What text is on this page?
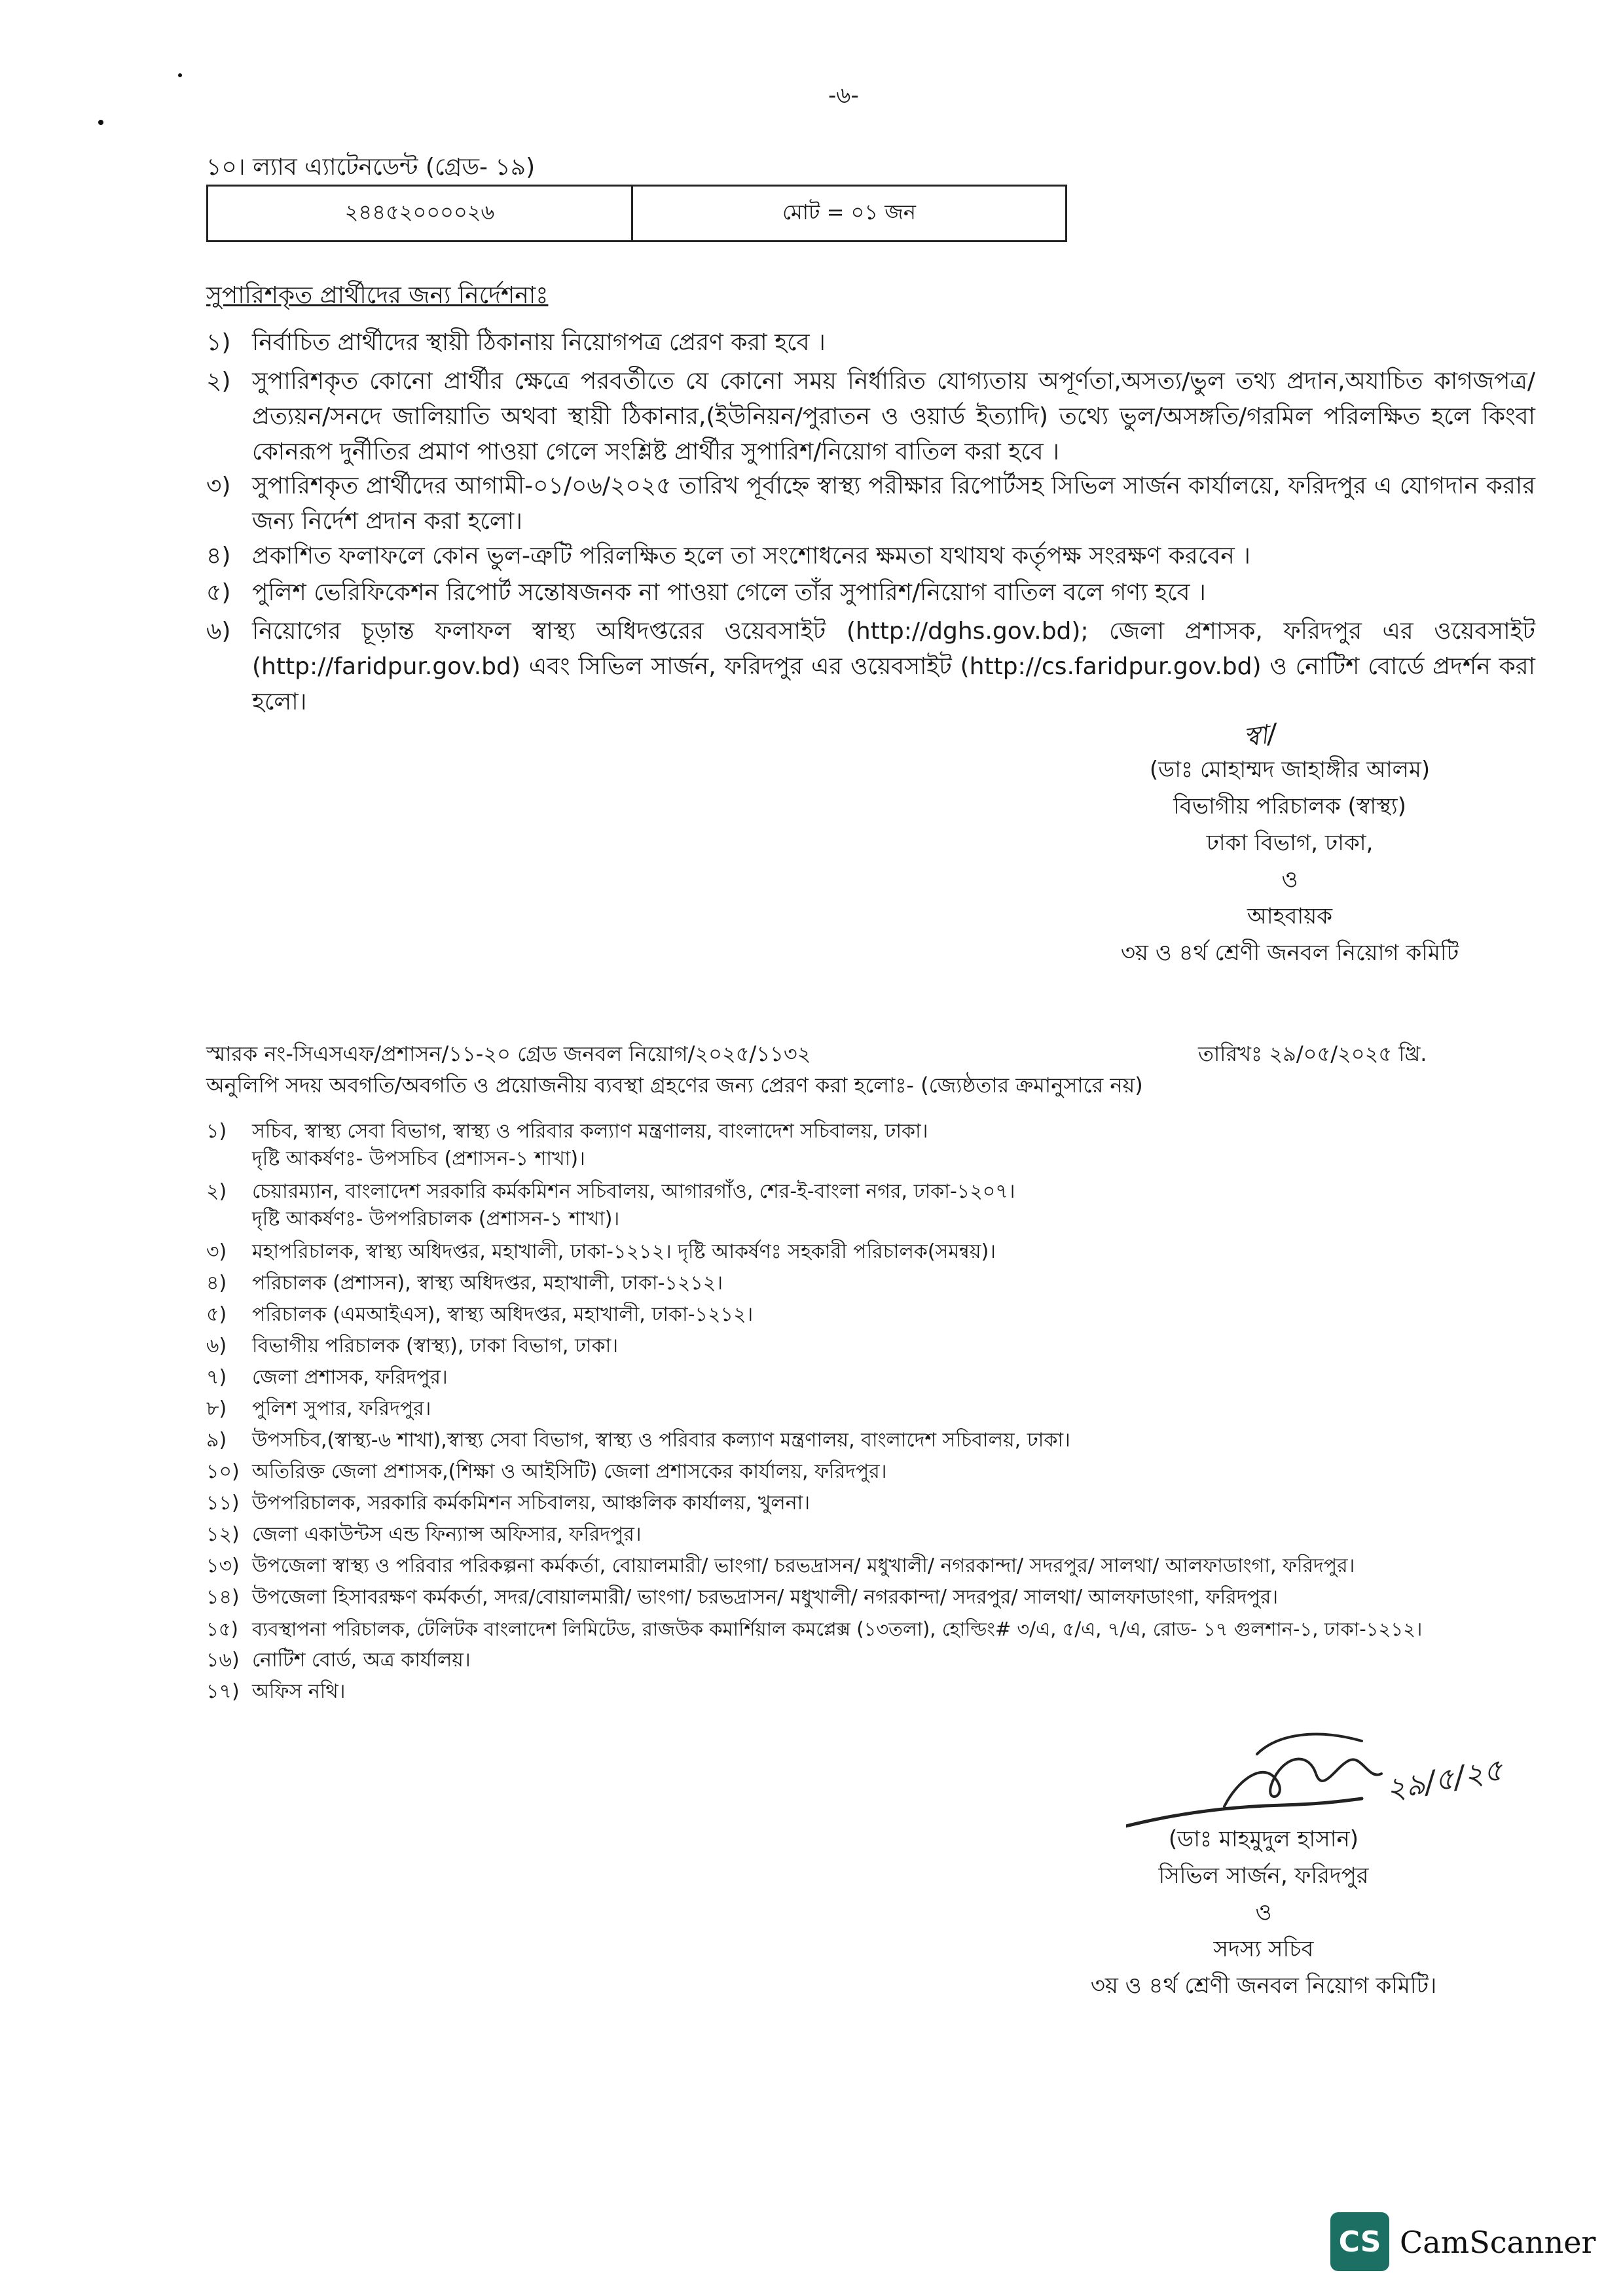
-৬-
১০। ল্যাব এ্যাটেনডেন্ট (গ্রেড- ১৯)
২৪৪৫২০০০০২৬	মোট = ০১ জন
সুপারিশকৃত প্রার্থীদের জন্য নির্দেশনাঃ
১) নির্বাচিত প্রার্থীদের স্থায়ী ঠিকানায় নিয়োগপত্র প্রেরণ করা হবে ।
২) সুপারিশকৃত কোনো প্রার্থীর ক্ষেত্রে পরবর্তীতে যে কোনো সময় নির্ধারিত যোগ্যতায় অপূর্ণতা,অসত্য/ভুল তথ্য প্রদান,অযাচিত কাগজপত্র/প্রত্যয়ন/সনদে জালিয়াতি অথবা স্থায়ী ঠিকানার,(ইউনিয়ন/পুরাতন ও ওয়ার্ড ইত্যাদি) তথ্যে ভুল/অসঙ্গতি/গরমিল পরিলক্ষিত হলে কিংবা কোনরূপ দুর্নীতির প্রমাণ পাওয়া গেলে সংশ্লিষ্ট প্রার্থীর সুপারিশ/নিয়োগ বাতিল করা হবে ।
৩) সুপারিশকৃত প্রার্থীদের আগামী-০১/০৬/২০২৫ তারিখ পূর্বাহ্নে স্বাস্থ্য পরীক্ষার রিপোর্টসহ সিভিল সার্জন কার্যালয়ে, ফরিদপুর এ যোগদান করার জন্য নির্দেশ প্রদান করা হলো।
৪) প্রকাশিত ফলাফলে কোন ভুল-ত্রুটি পরিলক্ষিত হলে তা সংশোধনের ক্ষমতা যথাযথ কর্তৃপক্ষ সংরক্ষণ করবেন ।
৫) পুলিশ ভেরিফিকেশন রিপোর্ট সন্তোষজনক না পাওয়া গেলে তাঁর সুপারিশ/নিয়োগ বাতিল বলে গণ্য হবে ।
৬) নিয়োগের চূড়ান্ত ফলাফল স্বাস্থ্য অধিদপ্তরের ওয়েবসাইট (http://dghs.gov.bd); জেলা প্রশাসক, ফরিদপুর এর ওয়েবসাইট (http://faridpur.gov.bd) এবং সিভিল সার্জন, ফরিদপুর এর ওয়েবসাইট (http://cs.faridpur.gov.bd) ও নোটিশ বোর্ডে প্রদর্শন করা হলো।
স্বা/
(ডাঃ মোহাম্মদ জাহাঙ্গীর আলম)
বিভাগীয় পরিচালক (স্বাস্থ্য)
ঢাকা বিভাগ, ঢাকা,
ও
আহবায়ক
৩য় ও ৪র্থ শ্রেণী জনবল নিয়োগ কমিটি
স্মারক নং-সিএসএফ/প্রশাসন/১১-২০ গ্রেড জনবল নিয়োগ/২০২৫/১১৩২	তারিখঃ ২৯/০৫/২০২৫ খ্রি.
অনুলিপি সদয় অবগতি/অবগতি ও প্রয়োজনীয় ব্যবস্থা গ্রহণের জন্য প্রেরণ করা হলোঃ- (জ্যেষ্ঠতার ক্রমানুসারে নয়)
১)	সচিব, স্বাস্থ্য সেবা বিভাগ, স্বাস্থ্য ও পরিবার কল্যাণ মন্ত্রণালয়, বাংলাদেশ সচিবালয়, ঢাকা।
দৃষ্টি আকর্ষণঃ- উপসচিব (প্রশাসন-১ শাখা)।
২)	চেয়ারম্যান, বাংলাদেশ সরকারি কর্মকমিশন সচিবালয়, আগারগাঁও, শের-ই-বাংলা নগর, ঢাকা-১২০৭।
দৃষ্টি আকর্ষণঃ- উপপরিচালক (প্রশাসন-১ শাখা)।
৩)	মহাপরিচালক, স্বাস্থ্য অধিদপ্তর, মহাখালী, ঢাকা-১২১২। দৃষ্টি আকর্ষণঃ সহকারী পরিচালক(সমন্বয়)।
৪)	পরিচালক (প্রশাসন), স্বাস্থ্য অধিদপ্তর, মহাখালী, ঢাকা-১২১২।
৫)	পরিচালক (এমআইএস), স্বাস্থ্য অধিদপ্তর, মহাখালী, ঢাকা-১২১২।
৬)	বিভাগীয় পরিচালক (স্বাস্থ্য), ঢাকা বিভাগ, ঢাকা।
৭)	জেলা প্রশাসক, ফরিদপুর।
৮)	পুলিশ সুপার, ফরিদপুর।
৯)	উপসচিব,(স্বাস্থ্য-৬ শাখা),স্বাস্থ্য সেবা বিভাগ, স্বাস্থ্য ও পরিবার কল্যাণ মন্ত্রণালয়, বাংলাদেশ সচিবালয়, ঢাকা।
১০) অতিরিক্ত জেলা প্রশাসক,(শিক্ষা ও আইসিটি) জেলা প্রশাসকের কার্যালয়, ফরিদপুর।
১১) উপপরিচালক, সরকারি কর্মকমিশন সচিবালয়, আঞ্চলিক কার্যালয়, খুলনা।
১২) জেলা একাউন্টস এন্ড ফিন্যান্স অফিসার, ফরিদপুর।
১৩) উপজেলা স্বাস্থ্য ও পরিবার পরিকল্পনা কর্মকর্তা, বোয়ালমারী/ ভাংগা/ চরভদ্রাসন/ মধুখালী/ নগরকান্দা/ সদরপুর/ সালথা/ আলফাডাংগা, ফরিদপুর।
১৪) উপজেলা হিসাবরক্ষণ কর্মকর্তা, সদর/বোয়ালমারী/ ভাংগা/ চরভদ্রাসন/ মধুখালী/ নগরকান্দা/ সদরপুর/ সালথা/ আলফাডাংগা, ফরিদপুর।
১৫) ব্যবস্থাপনা পরিচালক, টেলিটক বাংলাদেশ লিমিটেড, রাজউক কমার্শিয়াল কমপ্লেক্স (১৩তলা), হোল্ডিং# ৩/এ, ৫/এ, ৭/এ, রোড- ১৭ গুলশান-১, ঢাকা-১২১২।
১৬) নোটিশ বোর্ড, অত্র কার্যালয়।
১৭) অফিস নথি।
২৯/৫/২৫
(ডাঃ মাহমুদুল হাসান)
সিভিল সার্জন, ফরিদপুর
ও
সদস্য সচিব
৩য় ও ৪র্থ শ্রেণী জনবল নিয়োগ কমিটি।
CS CamScanner
